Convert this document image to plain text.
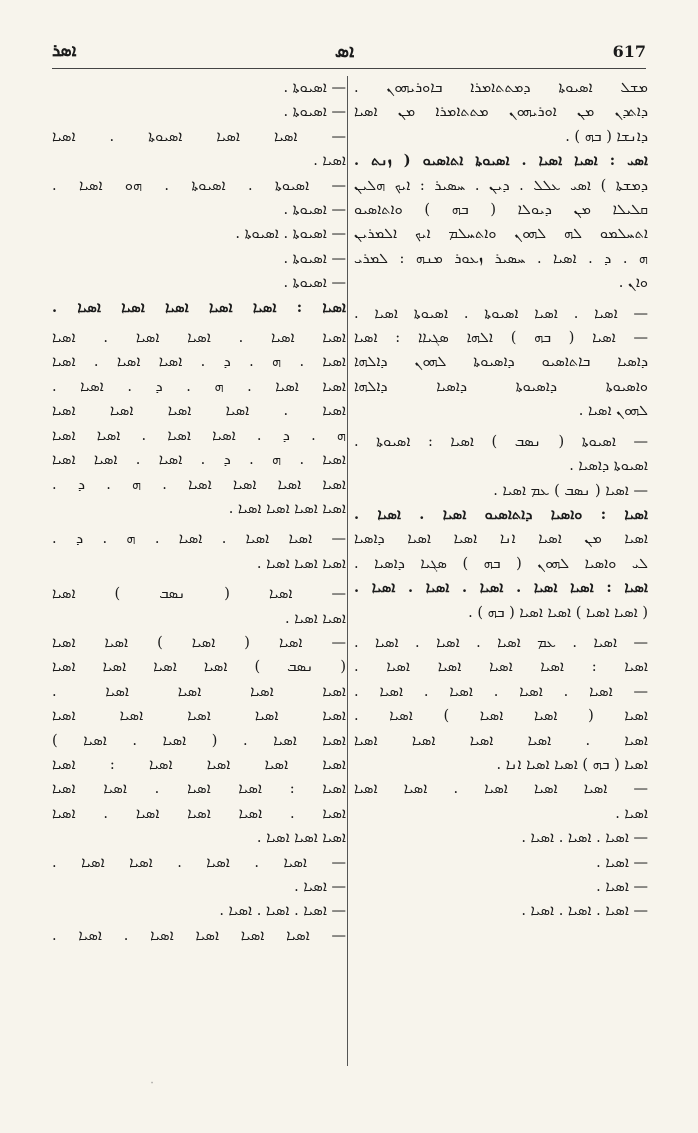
ܐܣܪ	ܐܣ	617
ܡܫܠ ܐܣܝܘܬܐ ܕܡܬܬܐܡܪܐ ܒܐܘܪܝܗܘܢ .
ܕܐܬܕܢ ܡܢ ܐܘܪܝܗܘܢ ܡܬܬܐܡܪܐ ܡܢ ܐܣܝܐ
ܕܐܢܫܐ ( ܒܗ ) .
ܐܣܝ : ܐܣܝܐ ܐܣܝܐ . ܐܣܝܘܬܐ ܐܬܐܣܝܘ ( ܙܢܬ .
ܕܡܫܬܐ ) ܐܣܝ ܥܠܠ . ܕܝܢ . ܚܣܝܪ : ܐܝܟ ܗܠܝܢ
ܩܠܝܠܐ ܡܢ ܕܝܘܠܐ ( ܒܗ ) ܘܐܬܐܣܝܘ
ܐܬܚܠܡܘ ܠܗ ܠܗܘܢ ܘܐܬܚܠܡ ܐܝܟ ܐܠܡܪܝܢ
ܗ . ܕ . ܐܣܝܐ . ܚܣܝܪ ܙܥܘܪ ܡܢܗ : ܠܡܪܝ
ܘܐܢ .
— ܐܣܝܐ . ܐܣܝܐ ܐܣܝܘܬܐ . ܐܣܝܘܬܐ ܐܣܝܐ .
— ܐܣܝܐ ( ܒܗ ) ܐܠܗܐ ܣܓܝܐܐ : ܐܣܝܐ
ܕܐܣܝܐ ܒܐܬܐܣܝܘ ܕܐܣܝܘܬܐ ܠܗܘܢ ܕܐܠܗܐ
ܘܐܣܝܘܬܐ ܕܐܣܝܘܬܐ ܕܐܣܝܐ ܕܐܠܗܐ
ܠܗܘܢ ܐܣܝܐ .
— ܐܣܝܘܬܐ ( ܢܣܒ ) ܐܣܝܐ : ܐܣܝܘܬܐ .
ܐܣܝܘܬܐ ܕܐܣܝܐ .
— ܐܣܝܐ ( ܢܣܒ ) ܥܡ ܐܣܝܐ .
ܐܣܝܐ : ܘܐܣܝܐ ܕܐܬܐܣܝܘ ܐܣܝܐ . ܐܣܝܐ .
ܐܣܝܐ ܡܢ ܐܣܝܐ ܐܢܐ ܐܣܝܐ ܐܣܝܐ ܕܐܣܝܐ
ܠܝ ܘܐܣܝܐ ܠܗܘܢ ( ܒܗ ) ܣܓܝܐ ܕܐܣܝܐ .
ܐܣܝܐ : ܐܣܝܐ ܐܣܝܐ . ܐܣܝܐ . ܐܣܝܐ . ܐܣܝܐ .
( ܐܣܝܐ ܐܣܝܐ ) ܐܣܝܐ ܐܣܝܐ ( ܒܗ ) .
— ܐܣܝܐ . ܥܡ ܐܣܝܐ . ܐܣܝܐ . ܐܣܝܐ .
ܐܣܝܐ : ܐܣܝܐ ܐܣܝܐ ܐܣܝܐ ܐܣܝܐ .
— ܐܣܝܐ . ܐܣܝܐ . ܐܣܝܐ . ܐܣܝܐ .
ܐܣܝܐ ( ܐܣܝܐ ܐܣܝܐ ) ܐܣܝܐ .
ܐܣܝܐ . ܐܣܝܐ ܐܣܝܐ ܐܣܝܐ ܐܣܝܐ
ܐܣܝܐ ( ܒܗ ) ܐܣܝܐ ܐܣܝܐ ܐܢܐ .
— ܐܣܝܐ ܐܣܝܐ ܐܣܝܐ . ܐܣܝܐ ܐܣܝܐ
ܐܣܝܐ .
— ܐܣܝܐ . ܐܣܝܐ . ܐܣܝܐ .
— ܐܣܝܐ .
— ܐܣܝܐ .
— ܐܣܝܐ . ܐܣܝܐ . ܐܣܝܐ .
— ܐܣܝܘܬܐ .
— ܐܣܝܘܬܐ .
— ܐܣܝܐ ܐܣܝܐ ܐܣܝܘܬܐ . ܐܣܝܐ
ܐܣܝܐ .
— ܐܣܝܘܬܐ . ܐܣܝܘܬܐ . ܗܘ ܐܣܝܐ .
— ܐܣܝܘܬܐ .
— ܐܣܝܘܬܐ . ܐܣܝܘܬܐ .
— ܐܣܝܘܬܐ .
— ܐܣܝܘܬܐ .
ܐܣܝܐ : ܐܣܝܐ ܐܣܝܐ ܐܣܝܐ ܐܣܝܐ ܐܣܝܐ .
ܐܣܝܐ ܐܣܝܐ . ܐܣܝܐ ܐܣܝܐ . ܐܣܝܐ
ܐܣܝܐ . ܗ . ܕ . ܐܣܝܐ ܐܣܝܐ . ܐܣܝܐ
ܐܣܝܐ ܐܣܝܐ . ܗ . ܕ . ܐܣܝܐ .
ܐܣܝܐ . ܐܣܝܐ ܐܣܝܐ ܐܣܝܐ ܐܣܝܐ
ܗ . ܕ . ܐܣܝܐ ܐܣܝܐ . ܐܣܝܐ ܐܣܝܐ
ܐܣܝܐ . ܗ . ܕ . ܐܣܝܐ . ܐܣܝܐ ܐܣܝܐ
ܐܣܝܐ ܐܣܝܐ ܐܣܝܐ ܐܣܝܐ . ܗ . ܕ .
ܐܣܝܐ ܐܣܝܐ ܐܣܝܐ ܐܣܝܐ .
— ܐܣܝܐ ܐܣܝܐ . ܐܣܝܐ . ܗ . ܕ .
ܐܣܝܐ ܐܣܝܐ ܐܣܝܐ .
— ܐܣܝܐ ( ܢܣܒ ) ܐܣܝܐ
ܐܣܝܐ ܐܣܝܐ .
— ܐܣܝܐ ( ܐܣܝܐ ) ܐܣܝܐ ܐܣܝܐ
( ܢܣܒ ) ܐܣܝܐ ܐܣܝܐ ܐܣܝܐ ܐܣܝܐ
ܐܣܝܐ ܐܣܝܐ ܐܣܝܐ ܐܣܝܐ .
ܐܣܝܐ ܐܣܝܐ ܐܣܝܐ ܐܣܝܐ ܐܣܝܐ
ܐܣܝܐ ܐܣܝܐ . ( ܐܣܝܐ . ܐܣܝܐ )
ܐܣܝܐ ܐܣܝܐ ܐܣܝܐ ܐܣܝܐ : ܐܣܝܐ
ܐܣܝܐ : ܐܣܝܐ ܐܣܝܐ . ܐܣܝܐ ܐܣܝܐ
ܐܣܝܐ . ܐܣܝܐ ܐܣܝܐ ܐܣܝܐ . ܐܣܝܐ
ܐܣܝܐ ܐܣܝܐ ܐܣܝܐ .
— ܐܣܝܐ . ܐܣܝܐ . ܐܣܝܐ ܐܣܝܐ .
— ܐܣܝܐ .
— ܐܣܝܐ . ܐܣܝܐ . ܐܣܝܐ .
— ܐܣܝܐ ܐܣܝܐ ܐܣܝܐ ܐܣܝܐ . ܐܣܝܐ .
ˑ
